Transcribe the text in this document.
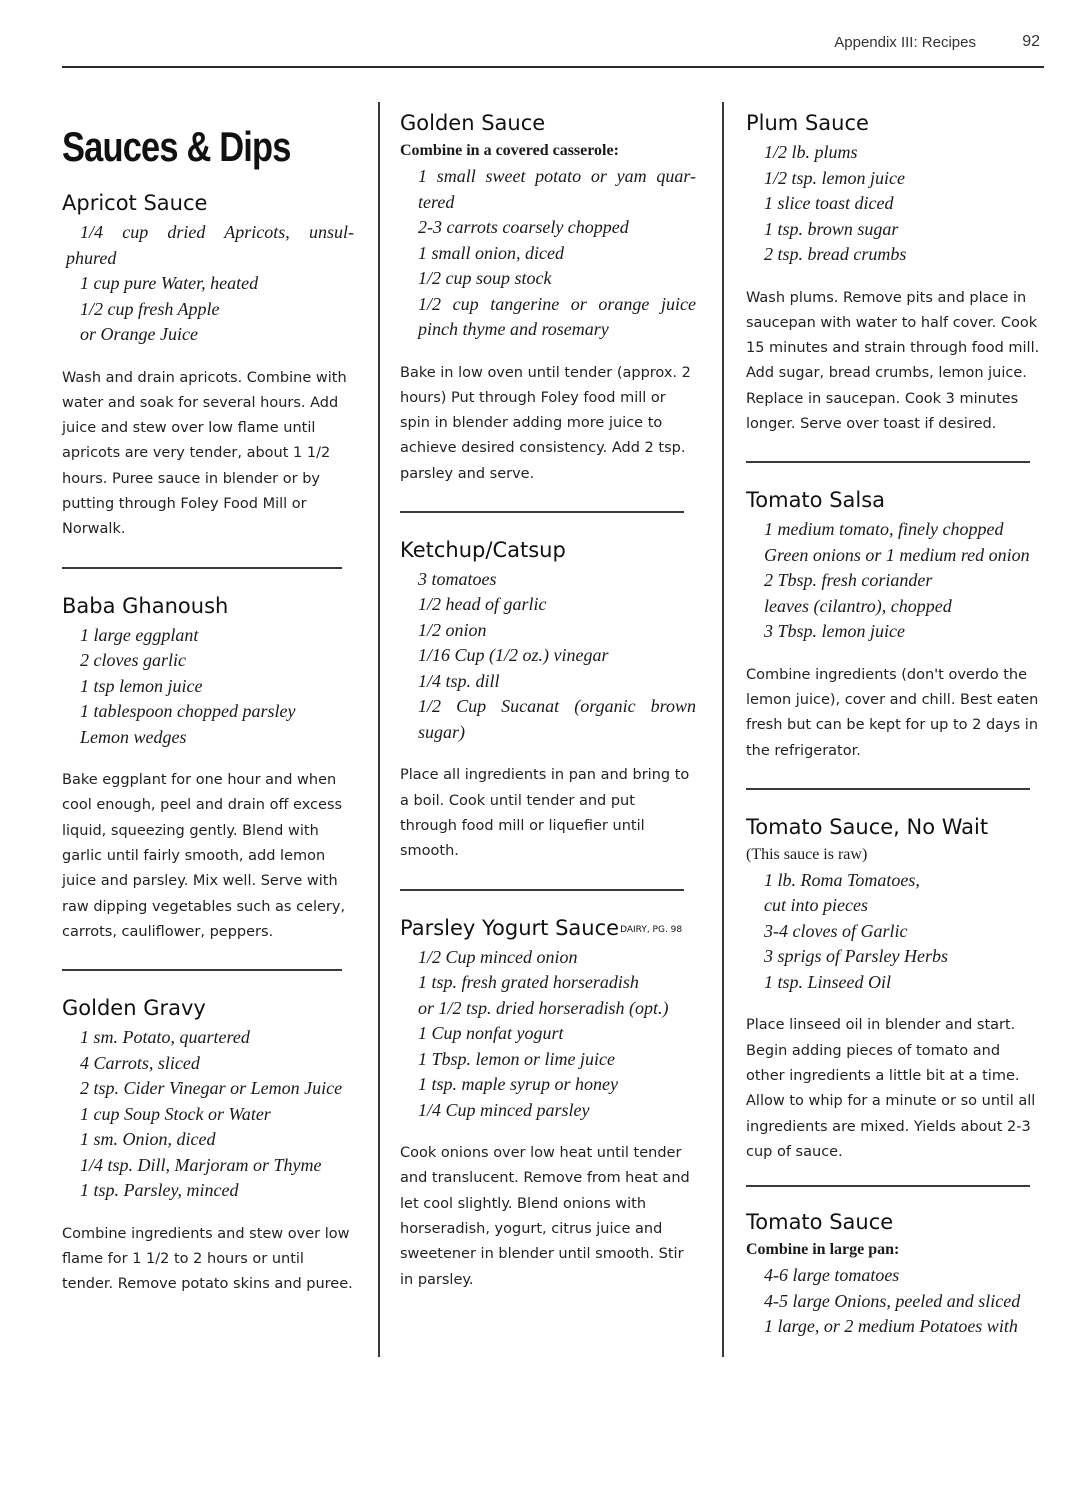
Appendix III: Recipes	92
Sauces & Dips
Apricot Sauce
1/4 cup dried Apricots, unsul-
phured
1 cup pure Water, heated
1/2 cup fresh Apple
or Orange Juice

Wash and drain apricots. Combine with water and soak for several hours. Add juice and stew over low flame until apricots are very tender, about 1 1/2 hours. Puree sauce in blender or by putting through Foley Food Mill or Norwalk.

Baba Ghanoush
1 large eggplant
2 cloves garlic
1 tsp lemon juice
1 tablespoon chopped parsley
Lemon wedges

Bake eggplant for one hour and when cool enough, peel and drain off excess liquid, squeezing gently. Blend with garlic until fairly smooth, add lemon juice and parsley. Mix well. Serve with raw dipping vegetables such as celery, carrots, cauliflower, peppers.

Golden Gravy
1 sm. Potato, quartered
4 Carrots, sliced
2 tsp. Cider Vinegar or Lemon Juice
1 cup Soup Stock or Water
1 sm. Onion, diced
1/4 tsp. Dill, Marjoram or Thyme
1 tsp. Parsley, minced

Combine ingredients and stew over low flame for 1 1/2 to 2 hours or until tender. Remove potato skins and puree.

Golden Sauce
Combine in a covered casserole:
1 small sweet potato or yam quar-
tered
2-3 carrots coarsely chopped
1 small onion, diced
1/2 cup soup stock
1/2 cup tangerine or orange juice
pinch thyme and rosemary

Bake in low oven until tender (approx. 2 hours) Put through Foley food mill or spin in blender adding more juice to achieve desired consistency. Add 2 tsp. parsley and serve.

Ketchup/Catsup
3 tomatoes
1/2 head of garlic
1/2 onion
1/16 Cup (1/2 oz.) vinegar
1/4 tsp. dill
1/2 Cup Sucanat (organic brown
sugar)

Place all ingredients in pan and bring to a boil. Cook until tender and put through food mill or liquefier until smooth.

Parsley Yogurt Sauce$^{DAIRY, PG. 98}$
1/2 Cup minced onion
1 tsp. fresh grated horseradish
or 1/2 tsp. dried horseradish (opt.)
1 Cup nonfat yogurt
1 Tbsp. lemon or lime juice
1 tsp. maple syrup or honey
1/4 Cup minced parsley

Cook onions over low heat until tender and translucent. Remove from heat and let cool slightly. Blend onions with horseradish, yogurt, citrus juice and sweetener in blender until smooth. Stir in parsley.

Plum Sauce
1/2 lb. plums
1/2 tsp. lemon juice
1 slice toast diced
1 tsp. brown sugar
2 tsp. bread crumbs

Wash plums. Remove pits and place in saucepan with water to half cover. Cook 15 minutes and strain through food mill. Add sugar, bread crumbs, lemon juice. Replace in saucepan. Cook 3 minutes longer. Serve over toast if desired.

Tomato Salsa
1 medium tomato, finely chopped
Green onions or 1 medium red onion
2 Tbsp. fresh coriander
leaves (cilantro), chopped
3 Tbsp. lemon juice

Combine ingredients (don't overdo the lemon juice), cover and chill. Best eaten fresh but can be kept for up to 2 days in the refrigerator.

Tomato Sauce, No Wait
(This sauce is raw)
1 lb. Roma Tomatoes,
cut into pieces
3-4 cloves of Garlic
3 sprigs of Parsley Herbs
1 tsp. Linseed Oil

Place linseed oil in blender and start. Begin adding pieces of tomato and other ingredients a little bit at a time. Allow to whip for a minute or so until all ingredients are mixed. Yields about 2-3 cup of sauce.

Tomato Sauce
Combine in large pan:
4-6 large tomatoes
4-5 large Onions, peeled and sliced
1 large, or 2 medium Potatoes with
